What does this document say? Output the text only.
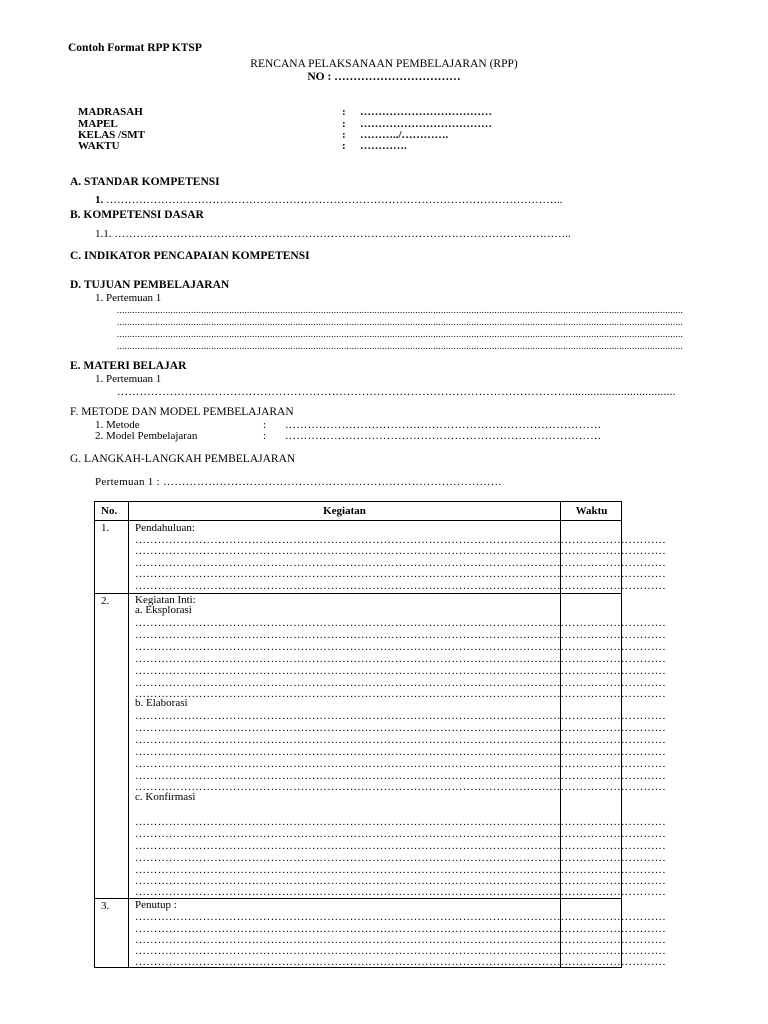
Contoh Format RPP KTSP
RENCANA PELAKSANAAN PEMBELAJARAN (RPP)
NO : ……………………………
MADRASAH	: ………………………………
MAPEL	: ………………………………
KELAS /SMT	: ………../………….
WAKTU	: ………….
A. STANDAR KOMPETENSI
1. ……………………………………………………………………………………………………………..
B. KOMPETENSI DASAR
1.1. ……………………………………………………………………………………………………………..
C. INDIKATOR PENCAPAIAN KOMPETENSI
D. TUJUAN PEMBELAJARAN
1. Pertemuan 1
..............................................................................................................................................................................................................................
..............................................................................................................................................................................................................................
..............................................................................................................................................................................................................................
..............................................................................................................................................................................................................................
E. MATERI BELAJAR
1. Pertemuan 1
…………………………………………………………………………………………………………...................................
F. METODE DAN MODEL PEMBELAJARAN
1. Metode	: …………………………………………………………………………
2. Model Pembelajaran	: …………………………………………………………………………
G. LANGKAH-LANGKAH PEMBELAJARAN
Pertemuan 1 : ………………………………………………………………………………
No.	Kegiatan	Waktu
1. Pendahuluan:
……………………………………………………………………………………………………………………………
……………………………………………………………………………………………………………………………
……………………………………………………………………………………………………………………………
……………………………………………………………………………………………………………………………
……………………………………………………………………………………………………………………………
2. Kegiatan Inti:
a. Eksplorasi
……………………………………………………………………………………………………………………………
……………………………………………………………………………………………………………………………
……………………………………………………………………………………………………………………………
……………………………………………………………………………………………………………………………
……………………………………………………………………………………………………………………………
……………………………………………………………………………………………………………………………
……………………………………………………………………………………………………………………………
b. Elaborasi
……………………………………………………………………………………………………………………………
……………………………………………………………………………………………………………………………
……………………………………………………………………………………………………………………………
……………………………………………………………………………………………………………………………
……………………………………………………………………………………………………………………………
……………………………………………………………………………………………………………………………
……………………………………………………………………………………………………………………………
c. Konfirmasi
……………………………………………………………………………………………………………………………
……………………………………………………………………………………………………………………………
……………………………………………………………………………………………………………………………
……………………………………………………………………………………………………………………………
……………………………………………………………………………………………………………………………
……………………………………………………………………………………………………………………………
……………………………………………………………………………………………………………………………
3. Penutup :
……………………………………………………………………………………………………………………………
……………………………………………………………………………………………………………………………
……………………………………………………………………………………………………………………………
……………………………………………………………………………………………………………………………
……………………………………………………………………………………………………………………………
